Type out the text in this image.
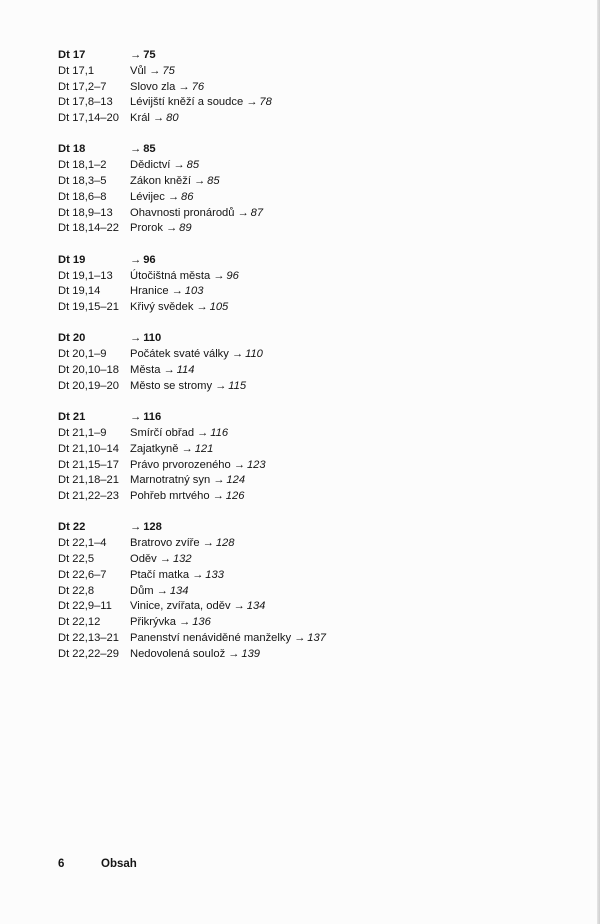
Dt 17	→ 75
Dt 17,1	Vůl → 75
Dt 17,2–7	Slovo zla → 76
Dt 17,8–13	Lévijští kněží a soudce → 78
Dt 17,14–20 Král → 80
Dt 18	→ 85
Dt 18,1–2	Dědictví → 85
Dt 18,3–5	Zákon kněží → 85
Dt 18,6–8	Lévijec → 86
Dt 18,9–13	Ohavnosti pronárodů → 87
Dt 18,14–22 Prorok → 89
Dt 19	→ 96
Dt 19,1–13	Útočištná města → 96
Dt 19,14	Hranice → 103
Dt 19,15–21 Křivý svědek → 105
Dt 20	→ 110
Dt 20,1–9	Počátek svaté války → 110
Dt 20,10–18 Města → 114
Dt 20,19–20 Město se stromy → 115
Dt 21	→ 116
Dt 21,1–9	Smírčí obřad → 116
Dt 21,10–14 Zajatkyně → 121
Dt 21,15–17 Právo prvorozeného → 123
Dt 21,18–21 Marnotratný syn → 124
Dt 21,22–23 Pohřeb mrtvého → 126
Dt 22	→ 128
Dt 22,1–4	Bratrovo zvíře → 128
Dt 22,5	Oděv → 132
Dt 22,6–7	Ptačí matka → 133
Dt 22,8	Dům → 134
Dt 22,9–11	Vinice, zvířata, oděv → 134
Dt 22,12	Přikrývka → 136
Dt 22,13–21 Panenství nenáviděné manželky → 137
Dt 22,22–29 Nedovolená soulož → 139
6	Obsah
